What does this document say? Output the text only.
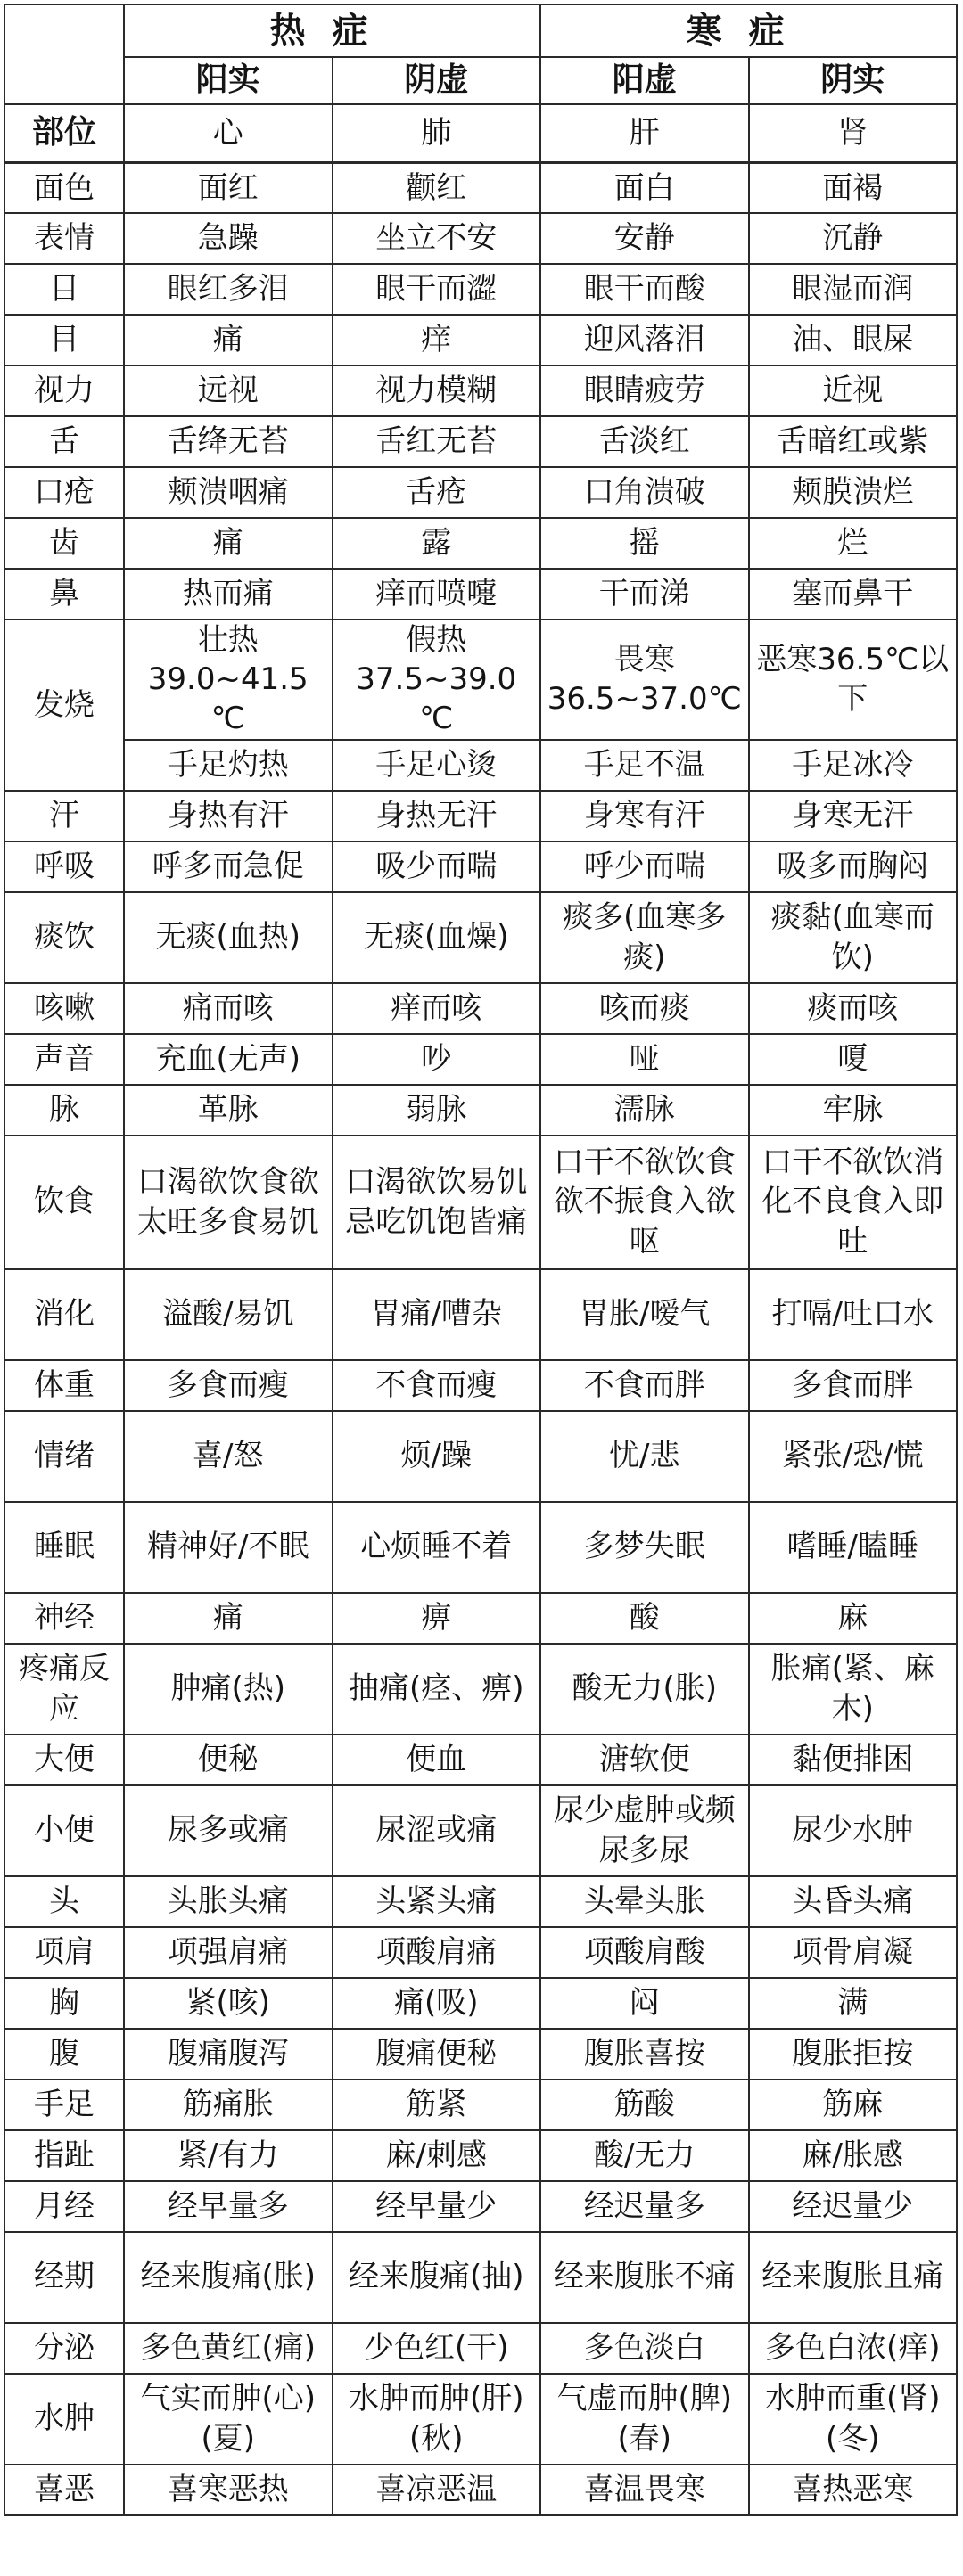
	热症		寒症	
	阳实	阴虚	阳虚	阴实
部位	心	肺	肝	肾
面色	面红	颧红	面白	面褐
表情	急躁	坐立不安	安静	沉静
目	眼红多泪	眼干而澀	眼干而酸	眼湿而润
目	痛	痒	迎风落泪	油、眼屎
视力	远视	视力模糊	眼睛疲劳	近视
舌	舌绛无苔	舌红无苔	舌淡红	舌暗红或紫
口疮	颊溃咽痛	舌疮	口角溃破	颊膜溃烂
齿	痛	露	摇	烂
鼻	热而痛	痒而喷嚏	干而涕	塞而鼻干
发烧	壮热39.0~41.5 ℃	假热37.5~39.0 ℃	畏寒36.5~37.0℃	恶寒36.5℃以下
	手足灼热	手足心烫	手足不温	手足冰冷
汗	身热有汗	身热无汗	身寒有汗	身寒无汗
呼吸	呼多而急促	吸少而喘	呼少而喘	吸多而胸闷
痰饮	无痰(血热)	无痰(血燥)	痰多(血寒多痰)	痰黏(血寒而饮)
咳嗽	痛而咳	痒而咳	咳而痰	痰而咳
声音	充血(无声)	吵	哑	嗄
脉	革脉	弱脉	濡脉	牢脉
饮食	口渴欲饮食欲太旺多食易饥	口渴欲饮易饥忌吃饥饱皆痛	口干不欲饮食欲不振食入欲呕	口干不欲饮消化不良食入即吐
消化	溢酸/易饥	胃痛/嘈杂	胃胀/嗳气	打嗝/吐口水
体重	多食而瘦	不食而瘦	不食而胖	多食而胖
情绪	喜/怒	烦/躁	忧/悲	紧张/恐/慌
睡眠	精神好/不眠	心烦睡不着	多梦失眠	嗜睡/瞌睡
神经	痛	痹	酸	麻
疼痛反应	肿痛(热)	抽痛(痉、痹)	酸无力(胀)	胀痛(紧、麻木)
大便	便秘	便血	溏软便	黏便排困
小便	尿多或痛	尿涩或痛	尿少虚肿或频尿多尿	尿少水肿
头	头胀头痛	头紧头痛	头晕头胀	头昏头痛
项肩	项强肩痛	项酸肩痛	项酸肩酸	项骨肩凝
胸	紧(咳)	痛(吸)	闷	满
腹	腹痛腹泻	腹痛便秘	腹胀喜按	腹胀拒按
手足	筋痛胀	筋紧	筋酸	筋麻
指趾	紧/有力	麻/刺感	酸/无力	麻/胀感
月经	经早量多	经早量少	经迟量多	经迟量少
经期	经来腹痛(胀)	经来腹痛(抽)	经来腹胀不痛	经来腹胀且痛
分泌	多色黄红(痛)	少色红(干)	多色淡白	多色白浓(痒)
水肿	气实而肿(心)(夏)	水肿而肿(肝)(秋)	气虚而肿(脾)(春)	水肿而重(肾)(冬)
喜恶	喜寒恶热	喜凉恶温	喜温畏寒	喜热恶寒
